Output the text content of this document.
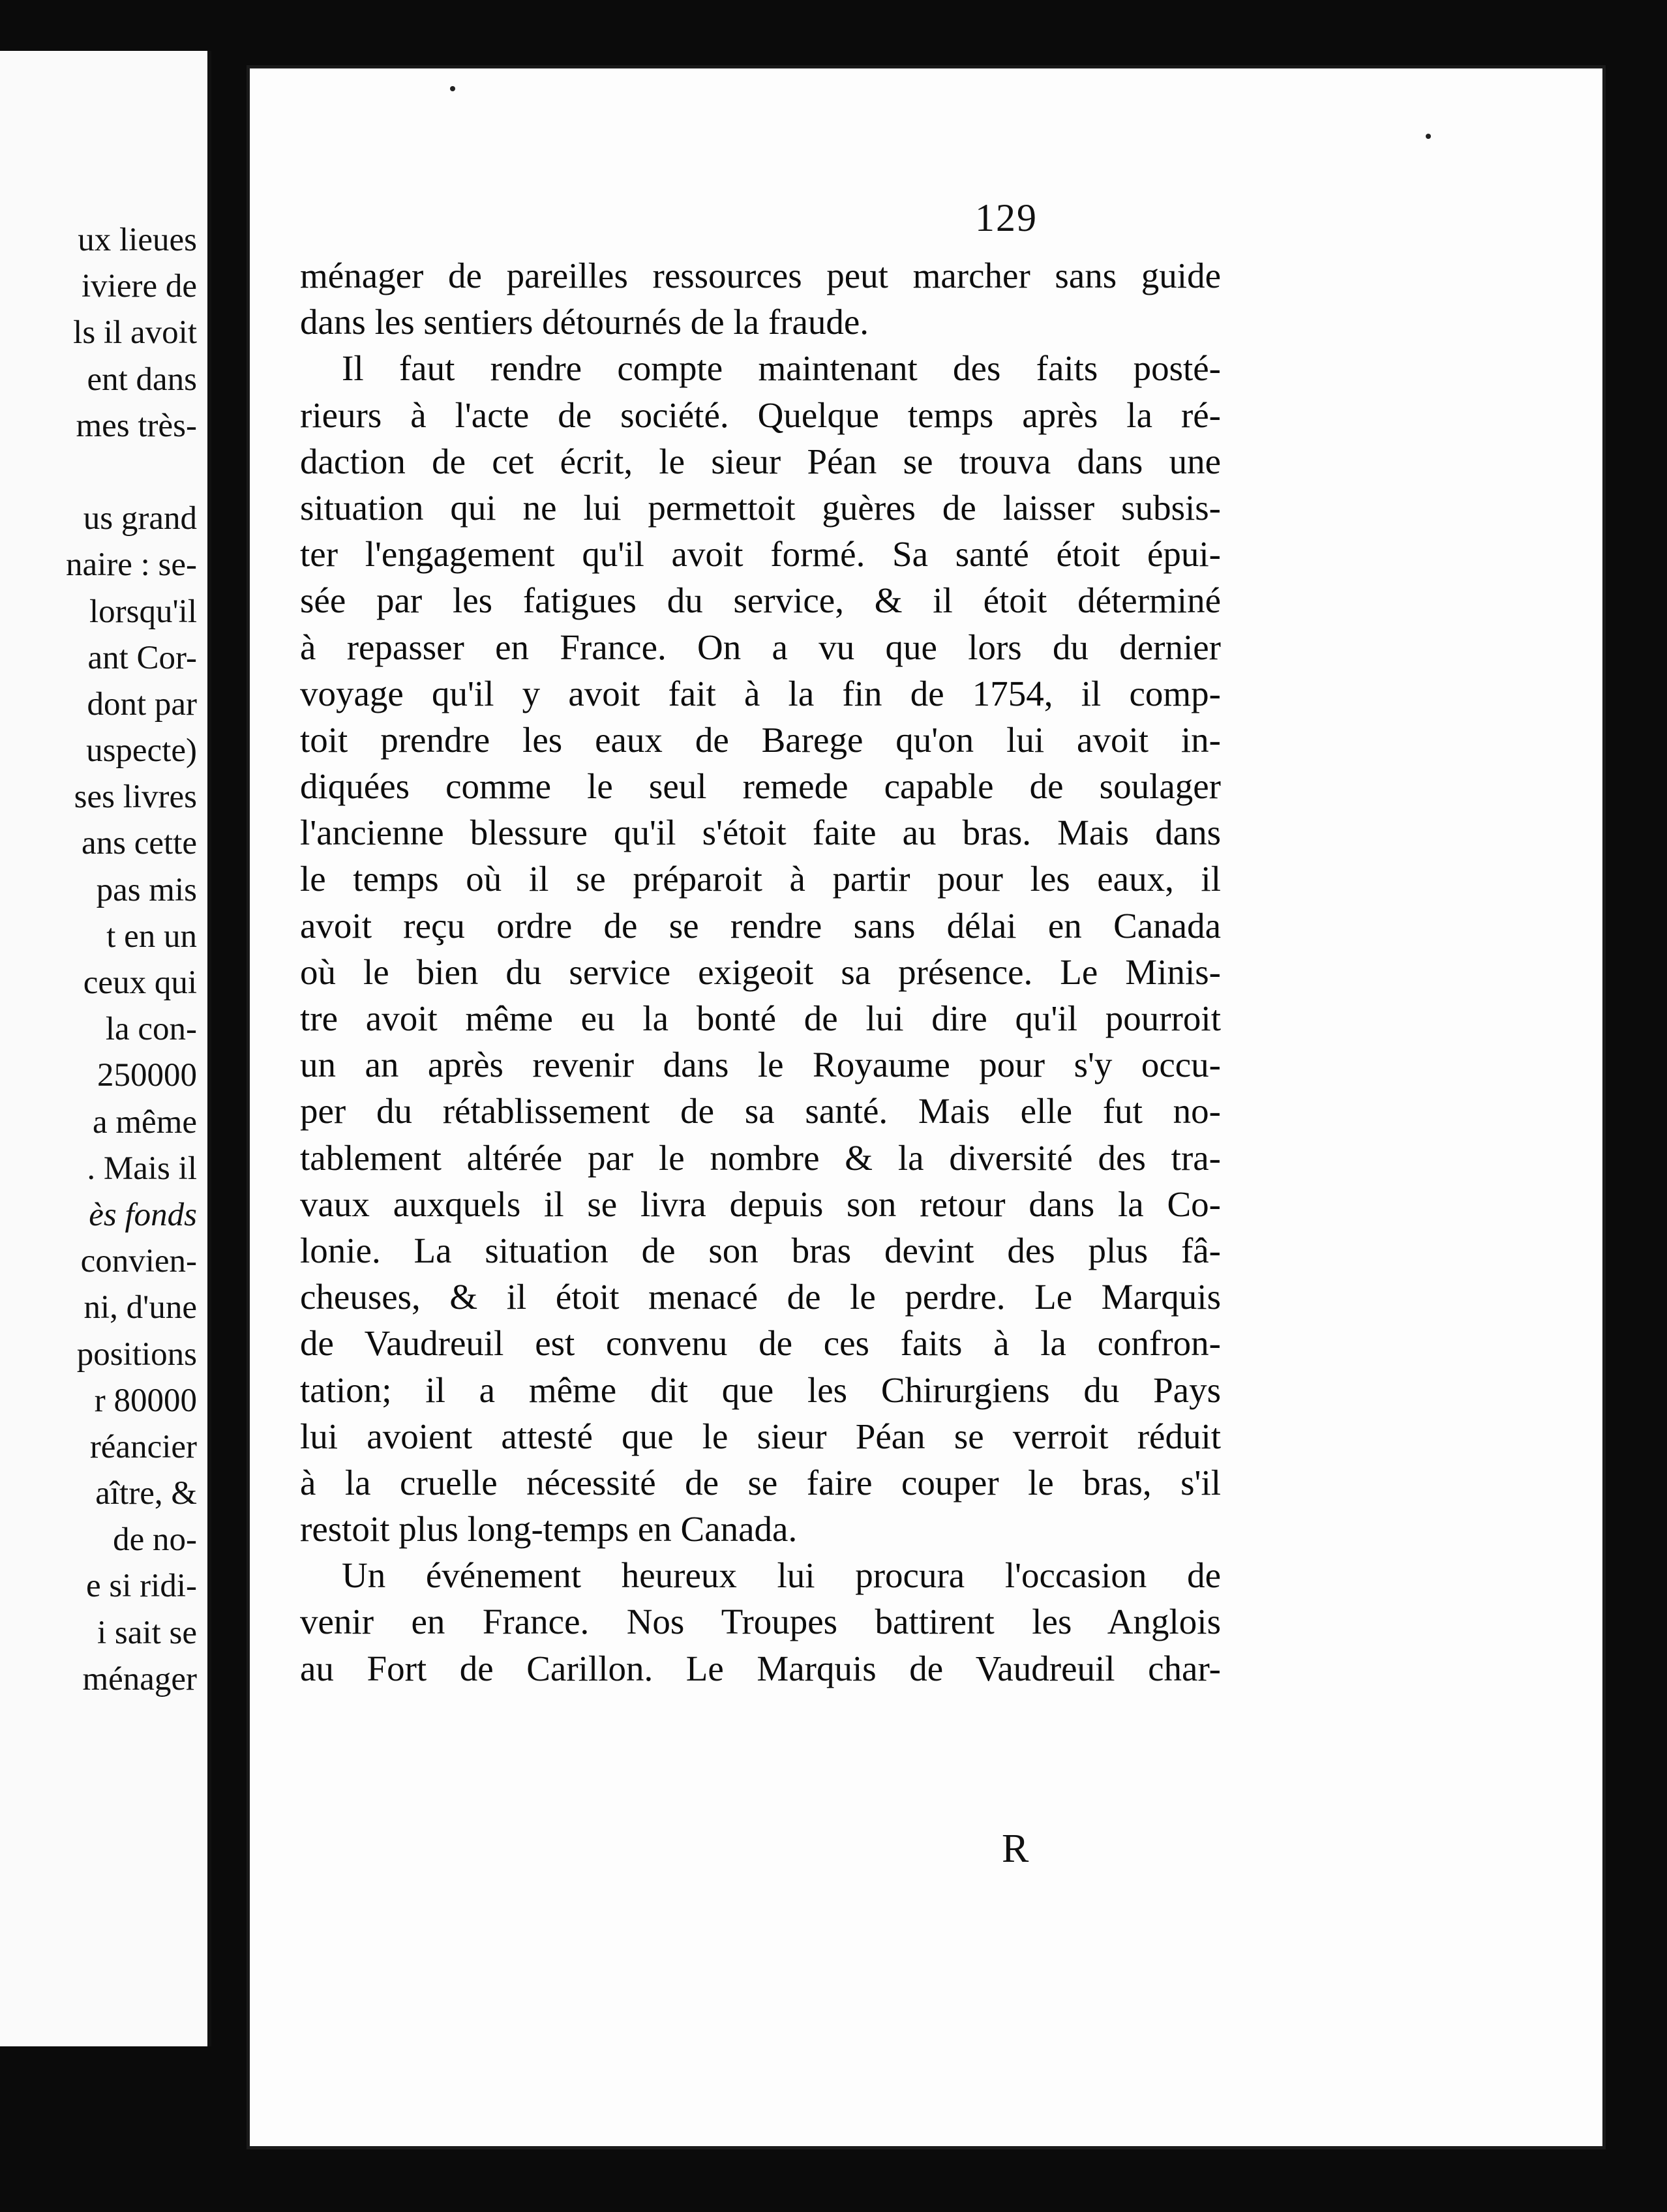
ux lieues
iviere de
ls il avoit
ent dans
mes très-
us grand
naire : se-
lorsqu'il
ant Cor-
dont par
uspecte)
ses livres
ans cette
pas mis
t en un
ceux qui
la con-
250000
a même
. Mais il
ès fonds
convien-
ni, d'une
positions
r 80000
réancier
aître, &
de no-
e si ridi-
i sait se
ménager
129
ménager de pareilles ressources peut marcher sans guide
dans les sentiers détournés de la fraude.
Il faut rendre compte maintenant des faits posté-
rieurs à l'acte de société. Quelque temps après la ré-
daction de cet écrit, le sieur Péan se trouva dans une
situation qui ne lui permettoit guères de laisser subsis-
ter l'engagement qu'il avoit formé. Sa santé étoit épui-
sée par les fatigues du service, & il étoit déterminé
à repasser en France. On a vu que lors du dernier
voyage qu'il y avoit fait à la fin de 1754, il comp-
toit prendre les eaux de Barege qu'on lui avoit in-
diquées comme le seul remede capable de soulager
l'ancienne blessure qu'il s'étoit faite au bras. Mais dans
le temps où il se préparoit à partir pour les eaux, il
avoit reçu ordre de se rendre sans délai en Canada
où le bien du service exigeoit sa présence. Le Minis-
tre avoit même eu la bonté de lui dire qu'il pourroit
un an après revenir dans le Royaume pour s'y occu-
per du rétablissement de sa santé. Mais elle fut no-
tablement altérée par le nombre & la diversité des tra-
vaux auxquels il se livra depuis son retour dans la Co-
lonie. La situation de son bras devint des plus fâ-
cheuses, & il étoit menacé de le perdre. Le Marquis
de Vaudreuil est convenu de ces faits à la confron-
tation; il a même dit que les Chirurgiens du Pays
lui avoient attesté que le sieur Péan se verroit réduit
à la cruelle nécessité de se faire couper le bras, s'il
restoit plus long-temps en Canada.
Un événement heureux lui procura l'occasion de
venir en France. Nos Troupes battirent les Anglois
au Fort de Carillon. Le Marquis de Vaudreuil char-
R
